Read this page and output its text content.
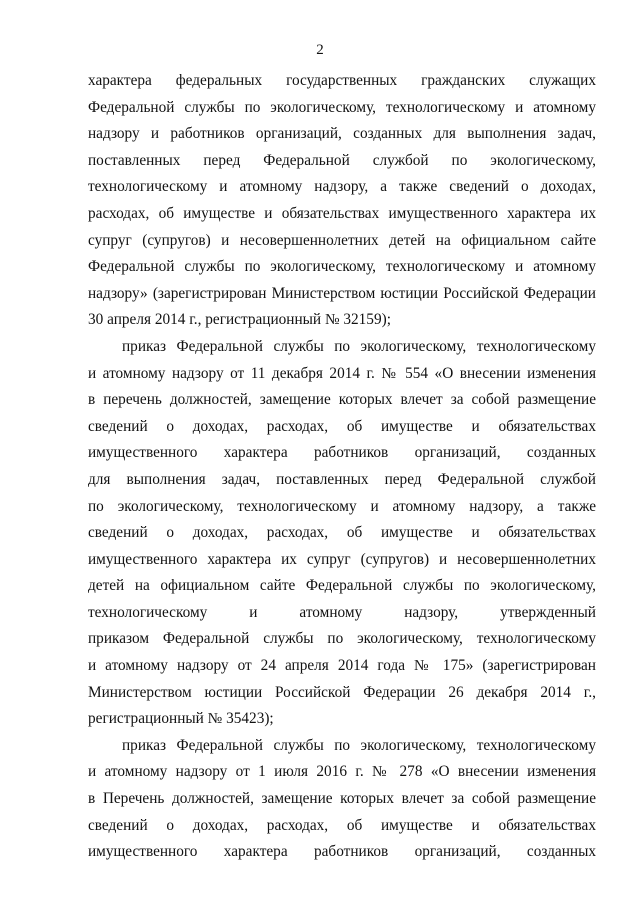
2
характера федеральных государственных гражданских служащих
Федеральной службы по экологическому, технологическому и атомному
надзору и работников организаций, созданных для выполнения задач,
поставленных перед Федеральной службой по экологическому,
технологическому и атомному надзору, а также сведений о доходах,
расходах, об имуществе и обязательствах имущественного характера их
супруг (супругов) и несовершеннолетних детей на официальном сайте
Федеральной службы по экологическому, технологическому и атомному
надзору» (зарегистрирован Министерством юстиции Российской Федерации
30 апреля 2014 г., регистрационный № 32159);
приказ Федеральной службы по экологическому, технологическому
и атомному надзору от 11 декабря 2014 г. № 554 «О внесении изменения
в перечень должностей, замещение которых влечет за собой размещение
сведений о доходах, расходах, об имуществе и обязательствах
имущественного характера работников организаций, созданных
для выполнения задач, поставленных перед Федеральной службой
по экологическому, технологическому и атомному надзору, а также
сведений о доходах, расходах, об имуществе и обязательствах
имущественного характера их супруг (супругов) и несовершеннолетних
детей на официальном сайте Федеральной службы по экологическому,
технологическому и атомному надзору, утвержденный
приказом Федеральной службы по экологическому, технологическому
и атомному надзору от 24 апреля 2014 года № 175» (зарегистрирован
Министерством юстиции Российской Федерации 26 декабря 2014 г.,
регистрационный № 35423);
приказ Федеральной службы по экологическому, технологическому
и атомному надзору от 1 июля 2016 г. № 278 «О внесении изменения
в Перечень должностей, замещение которых влечет за собой размещение
сведений о доходах, расходах, об имуществе и обязательствах
имущественного характера работников организаций, созданных
